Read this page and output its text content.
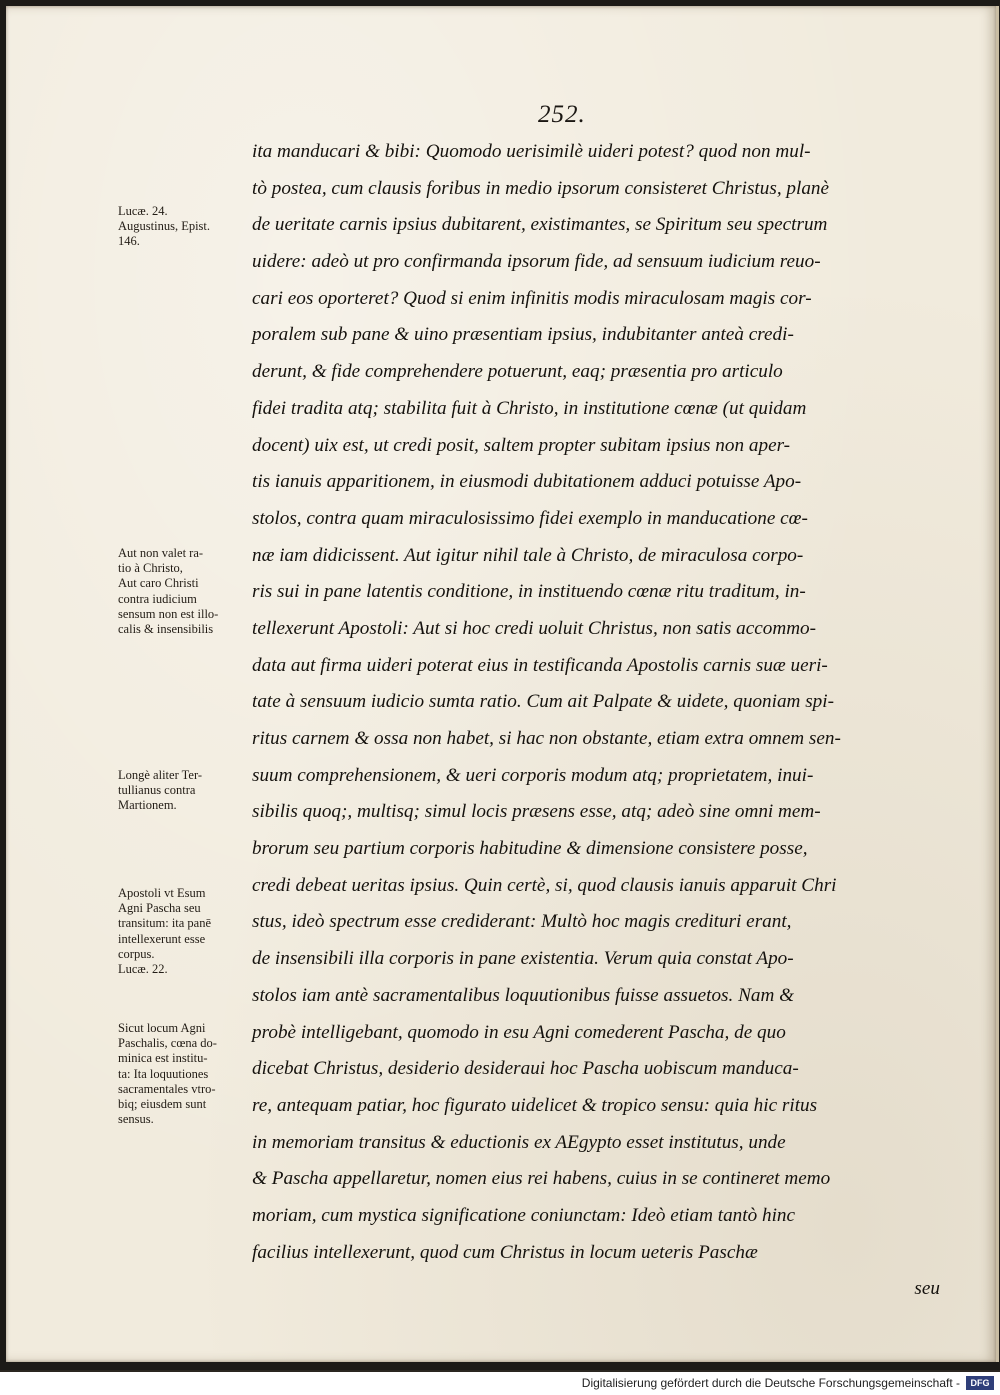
252.
ita manducari & bibi: Quomodo uerisimilè uideri potest? quod non mul-
tò postea, cum clausis foribus in medio ipsorum consisteret Christus, planè
de ueritate carnis ipsius dubitarent, existimantes, se Spiritum seu spectrum
uidere: adeò ut pro confirmanda ipsorum fide, ad sensuum iudicium reuo-
cari eos oporteret? Quod si enim infinitis modis miraculosam magis cor-
poralem sub pane & uino præsentiam ipsius, indubitanter anteà credi-
derunt, & fide comprehendere potuerunt, eaq; præsentia pro articulo
fidei tradita atq; stabilita fuit à Christo, in institutione cœnæ (ut quidam
docent) uix est, ut credi posit, saltem propter subitam ipsius non aper-
tis ianuis apparitionem, in eiusmodi dubitationem adduci potuisse Apo-
stolos, contra quam miraculosissimo fidei exemplo in manducatione cœ-
næ iam didicissent. Aut igitur nihil tale à Christo, de miraculosa corpo-
ris sui in pane latentis conditione, in instituendo cœnæ ritu traditum, in-
tellexerunt Apostoli: Aut si hoc credi uoluit Christus, non satis accommo-
data aut firma uideri poterat eius in testificanda Apostolis carnis suæ ueri-
tate à sensuum iudicio sumta ratio. Cum ait Palpate & uidete, quoniam spi-
ritus carnem & ossa non habet, si hac non obstante, etiam extra omnem sen-
suum comprehensionem, & ueri corporis modum atq; proprietatem, inui-
sibilis quoq;, multisq; simul locis præsens esse, atq; adeò sine omni mem-
brorum seu partium corporis habitudine & dimensione consistere posse,
credi debeat ueritas ipsius. Quin certè, si, quod clausis ianuis apparuit Chri
stus, ideò spectrum esse crediderant: Multò hoc magis credituri erant,
de insensibili illa corporis in pane existentia. Verum quia constat Apo-
stolos iam antè sacramentalibus loquutionibus fuisse assuetos. Nam &
probè intelligebant, quomodo in esu Agni comederent Pascha, de quo
dicebat Christus, desiderio desideraui hoc Pascha uobiscum manduca-
re, antequam patiar, hoc figurato uidelicet & tropico sensu: quia hic ritus
in memoriam transitus & eductionis ex AEgypto esset institutus, unde
& Pascha appellaretur, nomen eius rei habens, cuius in se contineret memo
moriam, cum mystica significatione coniunctam: Ideò etiam tantò hinc
facilius intellexerunt, quod cum Christus in locum ueteris Paschæ
seu
Lucæ. 24.
Augustinus, Epist.
146.
Aut non valet ra-
tio à Christo,
Aut caro Christi
contra iudicium
sensum non est illo-
calis & insensibilis
Longè aliter Ter-
tullianus contra
Martionem.
Apostoli vt Esum
Agni Pascha seu
transitum: ita panē
intellexerunt esse
corpus.
Lucæ. 22.
Sicut locum Agni
Paschalis, cœna do-
minica est institu-
ta: Ita loquutiones
sacramentales vtro-
biq; eiusdem sunt
sensus.
Digitalisierung gefördert durch die Deutsche Forschungsgemeinschaft -	DFG
